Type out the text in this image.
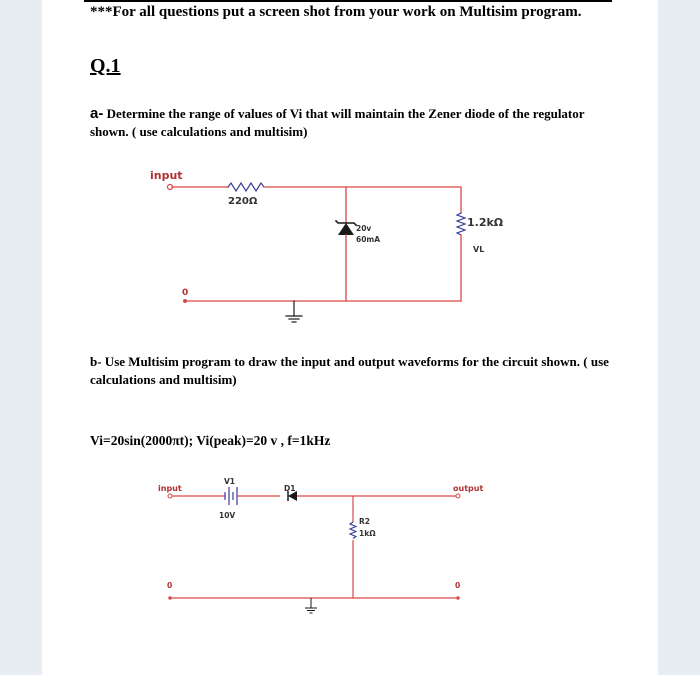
***For all questions put a screen shot from your work on Multisim program.
Q.1
a- Determine the range of values of Vi that will maintain the Zener diode of the regulator shown. ( use calculations and multisim)
b- Use Multisim program to draw the input and output waveforms for the circuit shown. ( use calculations and multisim)
Vi=20sin(2000πt); Vi(peak)=20 v , f=1kHz
input
220Ω
20v
60mA
1.2kΩ
VL
0
input
V1
10V
D1	output
R2
1kΩ
0	0
